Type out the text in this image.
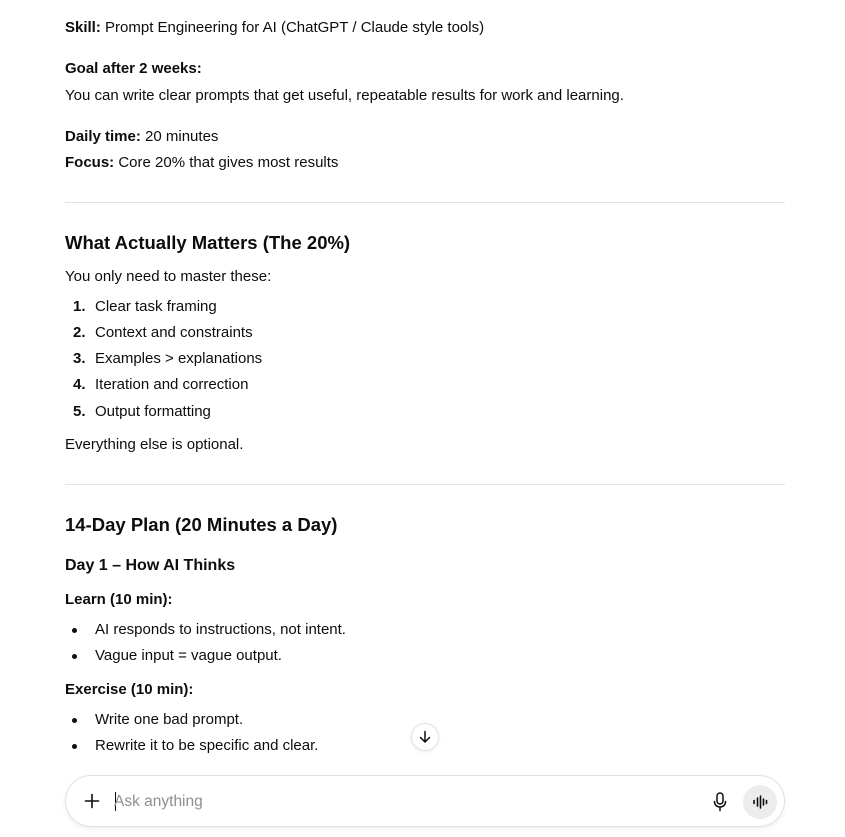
Skill: Prompt Engineering for AI (ChatGPT / Claude style tools)
Goal after 2 weeks:
You can write clear prompts that get useful, repeatable results for work and learning.
Daily time: 20 minutes
Focus: Core 20% that gives most results
What Actually Matters (The 20%)
You only need to master these:
1. Clear task framing
2. Context and constraints
3. Examples > explanations
4. Iteration and correction
5. Output formatting
Everything else is optional.
14-Day Plan (20 Minutes a Day)
Day 1 – How AI Thinks
Learn (10 min):
AI responds to instructions, not intent.
Vague input = vague output.
Exercise (10 min):
Write one bad prompt.
Rewrite it to be specific and clear.
Ask anything
